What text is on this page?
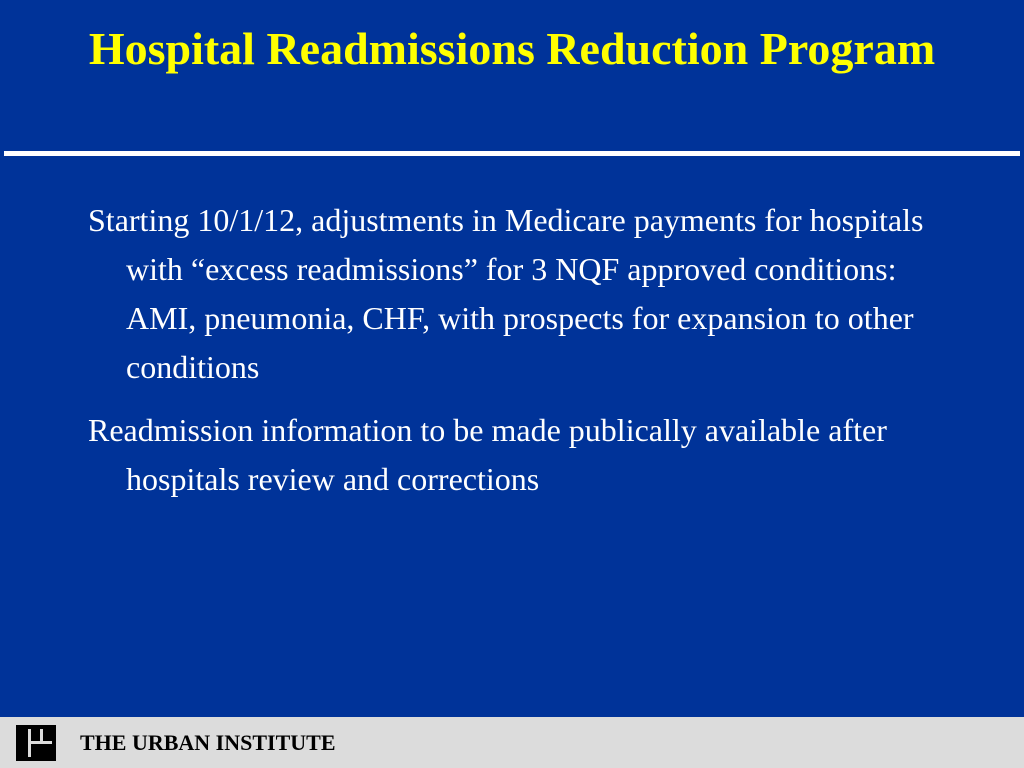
Hospital Readmissions Reduction Program

Starting 10/1/12, adjustments in Medicare payments for hospitals with “excess readmissions” for 3 NQF approved conditions: AMI, pneumonia, CHF, with prospects for expansion to other conditions

Readmission information to be made publically available after hospitals review and corrections

THE URBAN INSTITUTE
